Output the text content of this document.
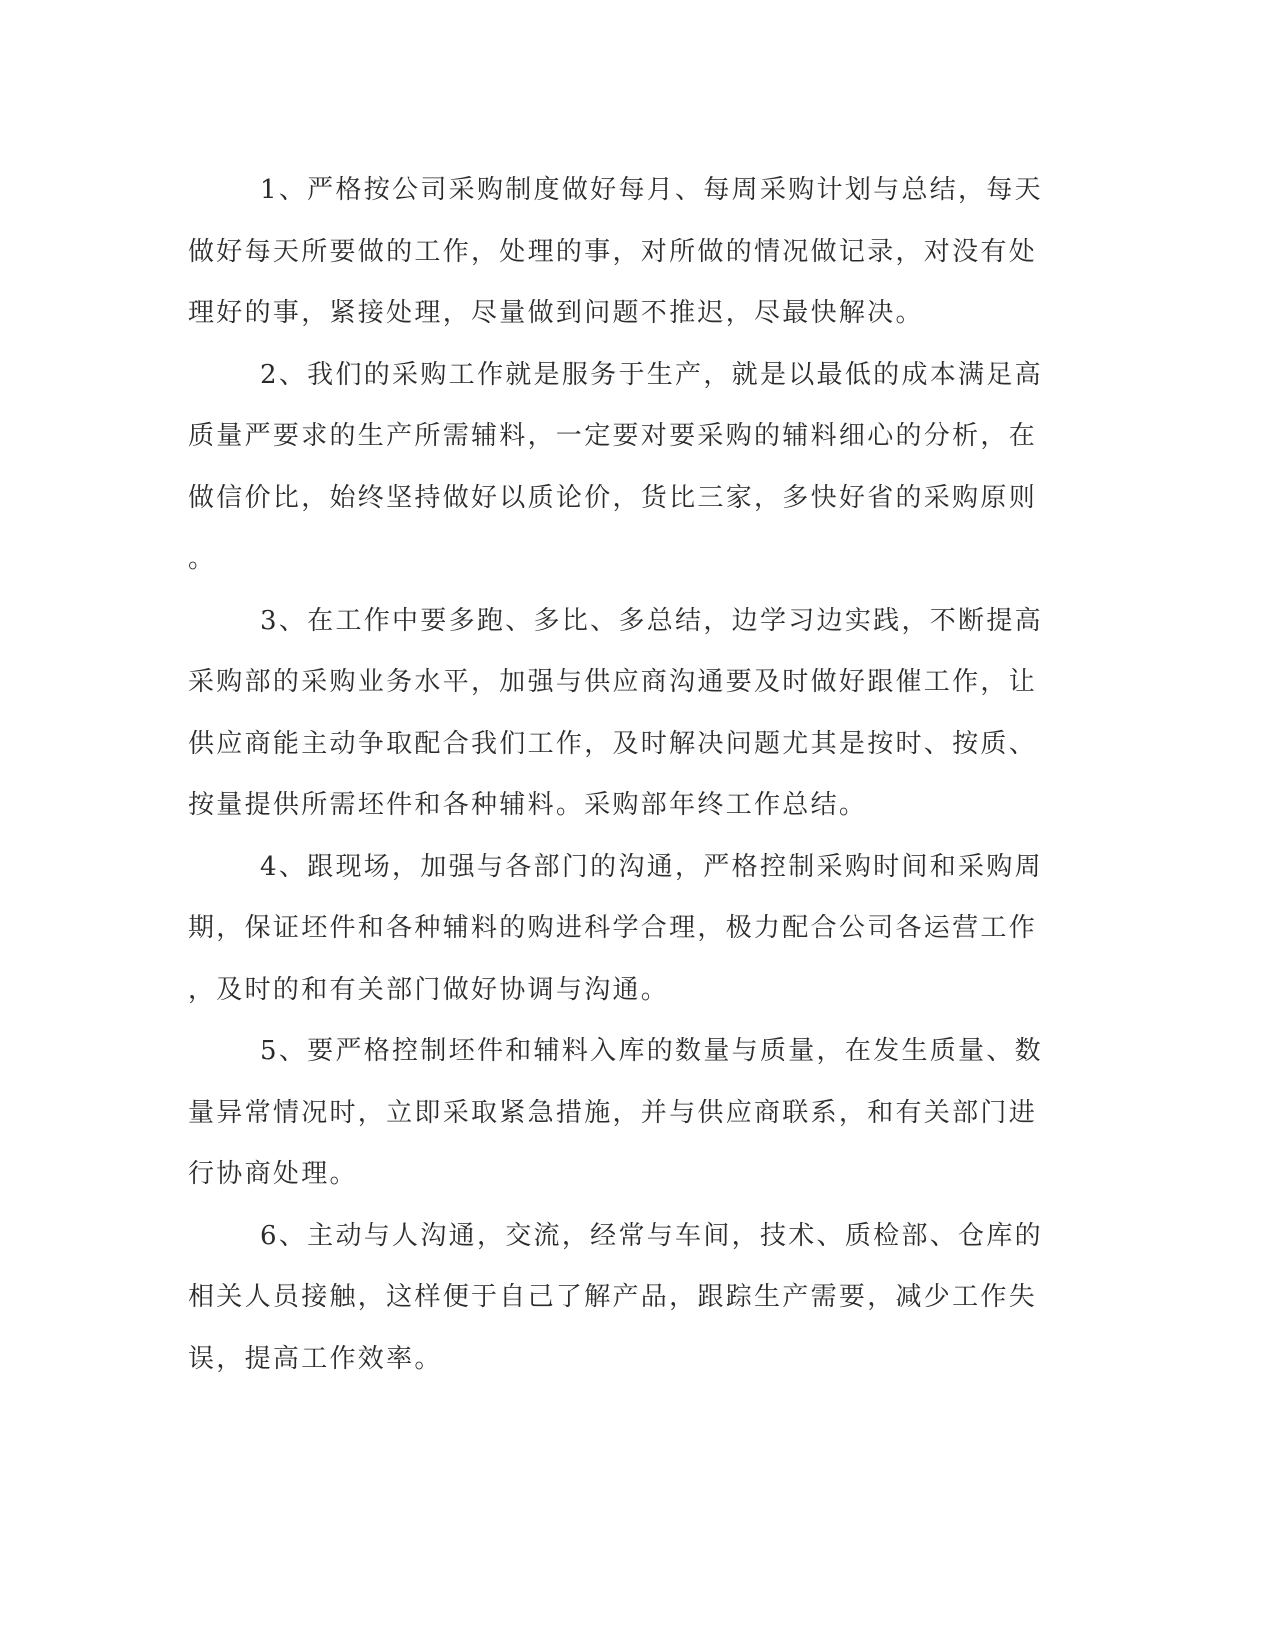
1、严格按公司采购制度做好每月、每周采购计划与总结，每天
做好每天所要做的工作，处理的事，对所做的情况做记录，对没有处
理好的事，紧接处理，尽量做到问题不推迟，尽最快解决。

2、我们的采购工作就是服务于生产，就是以最低的成本满足高
质量严要求的生产所需辅料，一定要对要采购的辅料细心的分析，在
做信价比，始终坚持做好以质论价，货比三家，多快好省的采购原则
。

3、在工作中要多跑、多比、多总结，边学习边实践，不断提高
采购部的采购业务水平，加强与供应商沟通要及时做好跟催工作，让
供应商能主动争取配合我们工作，及时解决问题尤其是按时、按质、
按量提供所需坯件和各种辅料。采购部年终工作总结。

4、跟现场，加强与各部门的沟通，严格控制采购时间和采购周
期，保证坯件和各种辅料的购进科学合理，极力配合公司各运营工作
，及时的和有关部门做好协调与沟通。

5、要严格控制坯件和辅料入库的数量与质量，在发生质量、数
量异常情况时，立即采取紧急措施，并与供应商联系，和有关部门进
行协商处理。

6、主动与人沟通，交流，经常与车间，技术、质检部、仓库的
相关人员接触，这样便于自己了解产品，跟踪生产需要，减少工作失
误，提高工作效率。
